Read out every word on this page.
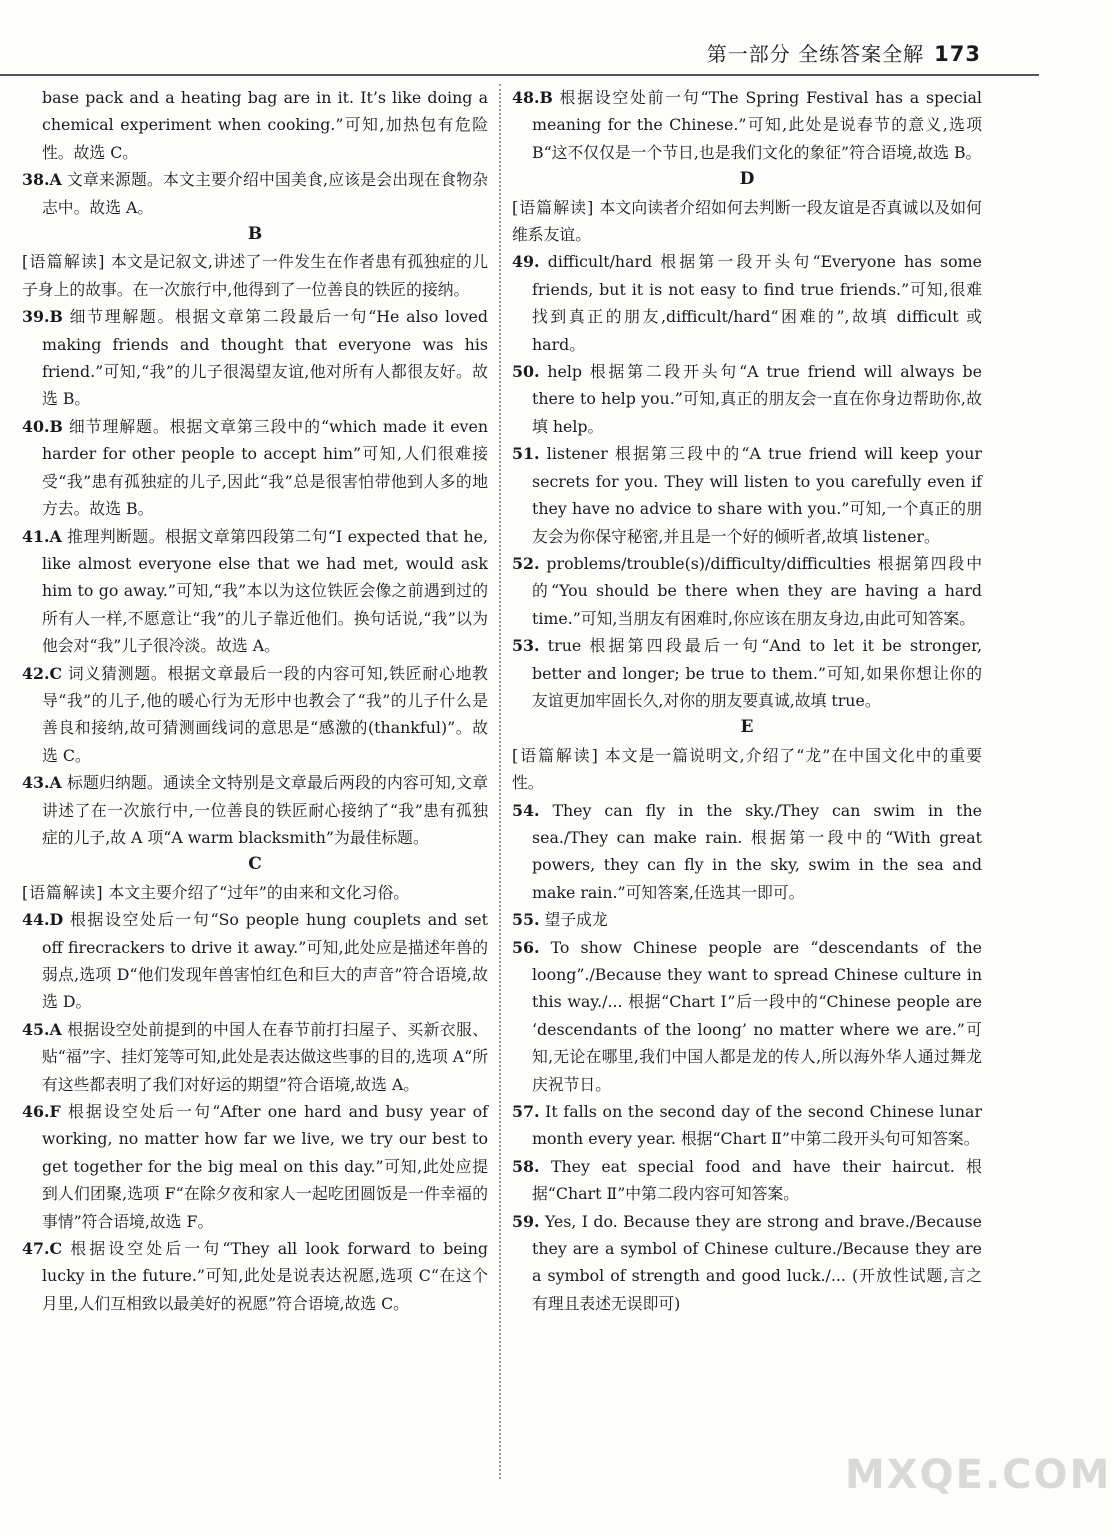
第一部分 全练答案全解 173

base pack and a heating bag are in it. It’s like doing a chemical experiment when cooking.”可知,加热包有危险性。故选 C。

38.A 文章来源题。本文主要介绍中国美食,应该是会出现在食物杂志中。故选 A。

B

[语篇解读] 本文是记叙文,讲述了一件发生在作者患有孤独症的儿子身上的故事。在一次旅行中,他得到了一位善良的铁匠的接纳。

39.B 细节理解题。根据文章第二段最后一句“He also loved making friends and thought that everyone was his friend.”可知,“我”的儿子很渴望友谊,他对所有人都很友好。故选 B。

40.B 细节理解题。根据文章第三段中的“which made it even harder for other people to accept him”可知,人们很难接受“我”患有孤独症的儿子,因此“我”总是很害怕带他到人多的地方去。故选 B。

41.A 推理判断题。根据文章第四段第二句“I expected that he, like almost everyone else that we had met, would ask him to go away.”可知,“我”本以为这位铁匠会像之前遇到过的所有人一样,不愿意让“我”的儿子靠近他们。换句话说,“我”以为他会对“我”儿子很冷淡。故选 A。

42.C 词义猜测题。根据文章最后一段的内容可知,铁匠耐心地教导“我”的儿子,他的暖心行为无形中也教会了“我”的儿子什么是善良和接纳,故可猜测画线词的意思是“感激的(thankful)”。故选 C。

43.A 标题归纳题。通读全文特别是文章最后两段的内容可知,文章讲述了在一次旅行中,一位善良的铁匠耐心接纳了“我”患有孤独症的儿子,故 A 项“A warm blacksmith”为最佳标题。

C

[语篇解读] 本文主要介绍了“过年”的由来和文化习俗。

44.D 根据设空处后一句“So people hung couplets and set off firecrackers to drive it away.”可知,此处应是描述年兽的弱点,选项 D“他们发现年兽害怕红色和巨大的声音”符合语境,故选 D。

45.A 根据设空处前提到的中国人在春节前打扫屋子、买新衣服、贴“福”字、挂灯笼等可知,此处是表达做这些事的目的,选项 A“所有这些都表明了我们对好运的期望”符合语境,故选 A。

46.F 根据设空处后一句“After one hard and busy year of working, no matter how far we live, we try our best to get together for the big meal on this day.”可知,此处应提到人们团聚,选项 F“在除夕夜和家人一起吃团圆饭是一件幸福的事情”符合语境,故选 F。

47.C 根据设空处后一句“They all look forward to being lucky in the future.”可知,此处是说表达祝愿,选项 C“在这个月里,人们互相致以最美好的祝愿”符合语境,故选 C。

48.B 根据设空处前一句“The Spring Festival has a special meaning for the Chinese.”可知,此处是说春节的意义,选项 B“这不仅仅是一个节日,也是我们文化的象征”符合语境,故选 B。

D

[语篇解读] 本文向读者介绍如何去判断一段友谊是否真诚以及如何维系友谊。

49. difficult/hard 根据第一段开头句“Everyone has some friends, but it is not easy to find true friends.”可知,很难找到真正的朋友,difficult/hard“困难的”,故填 difficult 或 hard。

50. help 根据第二段开头句“A true friend will always be there to help you.”可知,真正的朋友会一直在你身边帮助你,故填 help。

51. listener 根据第三段中的“A true friend will keep your secrets for you. They will listen to you carefully even if they have no advice to share with you.”可知,一个真正的朋友会为你保守秘密,并且是一个好的倾听者,故填 listener。

52. problems/trouble(s)/difficulty/difficulties 根据第四段中的“You should be there when they are having a hard time.”可知,当朋友有困难时,你应该在朋友身边,由此可知答案。

53. true 根据第四段最后一句“And to let it be stronger, better and longer; be true to them.”可知,如果你想让你的友谊更加牢固长久,对你的朋友要真诚,故填 true。

E

[语篇解读] 本文是一篇说明文,介绍了“龙”在中国文化中的重要性。

54. They can fly in the sky./They can swim in the sea./They can make rain. 根据第一段中的“With great powers, they can fly in the sky, swim in the sea and make rain.”可知答案,任选其一即可。

55. 望子成龙

56. To show Chinese people are “descendants of the loong”./Because they want to spread Chinese culture in this way./... 根据“Chart Ⅰ”后一段中的“Chinese people are ‘descendants of the loong’ no matter where we are.”可知,无论在哪里,我们中国人都是龙的传人,所以海外华人通过舞龙庆祝节日。

57. It falls on the second day of the second Chinese lunar month every year. 根据“Chart Ⅱ”中第二段开头句可知答案。

58. They eat special food and have their haircut. 根据“Chart Ⅱ”中第二段内容可知答案。

59. Yes, I do. Because they are strong and brave./Because they are a symbol of Chinese culture./Because they are a symbol of strength and good luck./... (开放性试题,言之有理且表述无误即可)

MXQE.COM
